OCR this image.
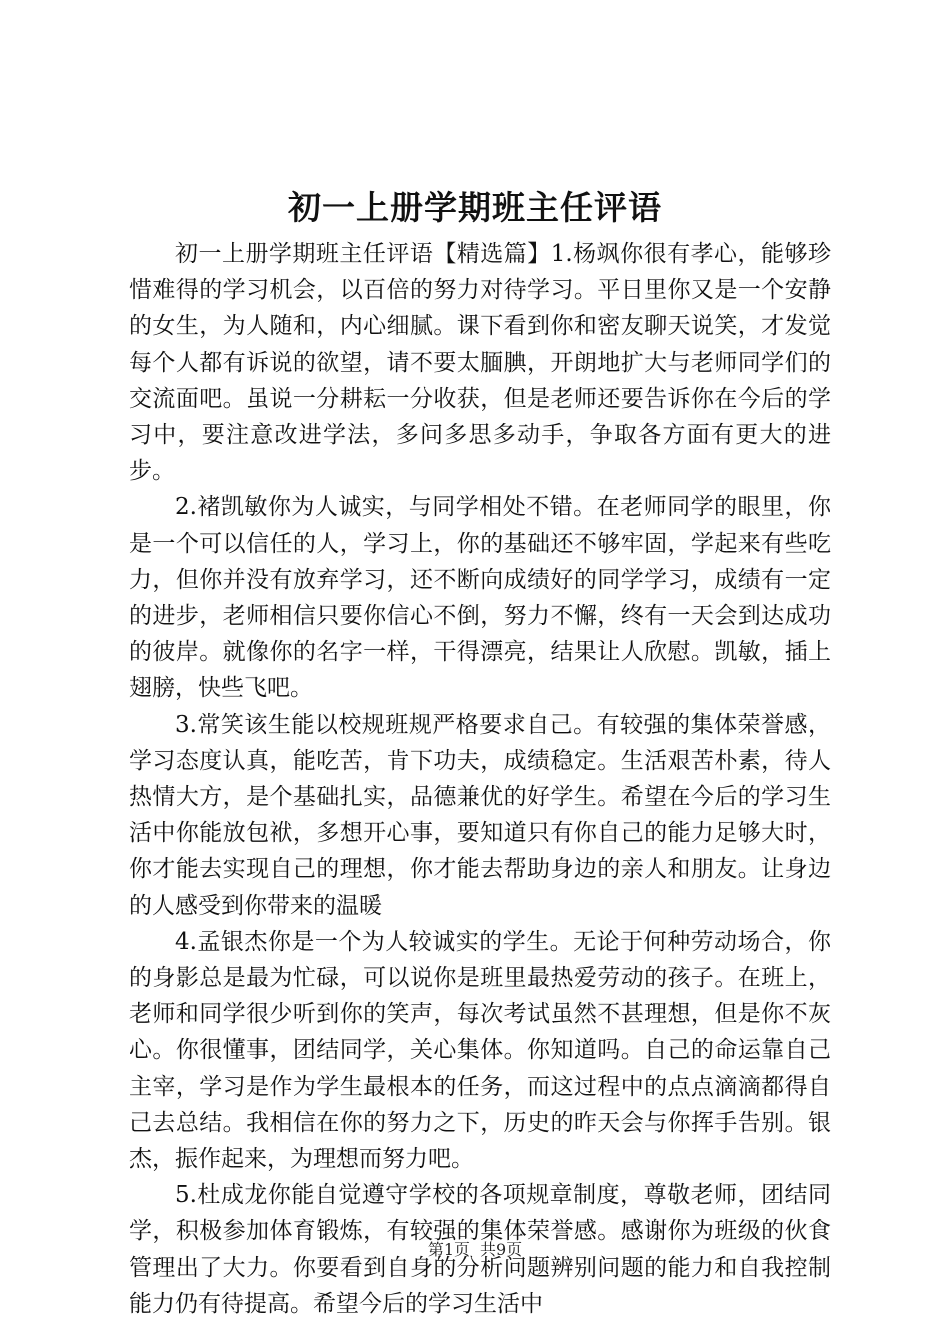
初一上册学期班主任评语

初一上册学期班主任评语【精选篇】1.杨飒你很有孝心，能够珍惜难得的学习机会，以百倍的努力对待学习。平日里你又是一个安静的女生，为人随和，内心细腻。课下看到你和密友聊天说笑，才发觉每个人都有诉说的欲望，请不要太腼腆，开朗地扩大与老师同学们的交流面吧。虽说一分耕耘一分收获，但是老师还要告诉你在今后的学习中，要注意改进学法，多问多思多动手，争取各方面有更大的进步。

2.褚凯敏你为人诚实，与同学相处不错。在老师同学的眼里，你是一个可以信任的人，学习上，你的基础还不够牢固，学起来有些吃力，但你并没有放弃学习，还不断向成绩好的同学学习，成绩有一定的进步，老师相信只要你信心不倒，努力不懈，终有一天会到达成功的彼岸。就像你的名字一样，干得漂亮，结果让人欣慰。凯敏，插上翅膀，快些飞吧。

3.常笑该生能以校规班规严格要求自己。有较强的集体荣誉感，学习态度认真，能吃苦，肯下功夫，成绩稳定。生活艰苦朴素，待人热情大方，是个基础扎实，品德兼优的好学生。希望在今后的学习生活中你能放包袱，多想开心事，要知道只有你自己的能力足够大时，你才能去实现自己的理想，你才能去帮助身边的亲人和朋友。让身边的人感受到你带来的温暖

4.孟银杰你是一个为人较诚实的学生。无论于何种劳动场合，你的身影总是最为忙碌，可以说你是班里最热爱劳动的孩子。在班上，老师和同学很少听到你的笑声，每次考试虽然不甚理想，但是你不灰心。你很懂事，团结同学，关心集体。你知道吗。自己的命运靠自己主宰，学习是作为学生最根本的任务，而这过程中的点点滴滴都得自己去总结。我相信在你的努力之下，历史的昨天会与你挥手告别。银杰，振作起来，为理想而努力吧。

5.杜成龙你能自觉遵守学校的各项规章制度，尊敬老师，团结同学，积极参加体育锻炼，有较强的集体荣誉感。感谢你为班级的伙食管理出了大力。你要看到自身的分析问题辨别问题的能力和自我控制能力仍有待提高。希望今后的学习生活中

第1页 共9页
